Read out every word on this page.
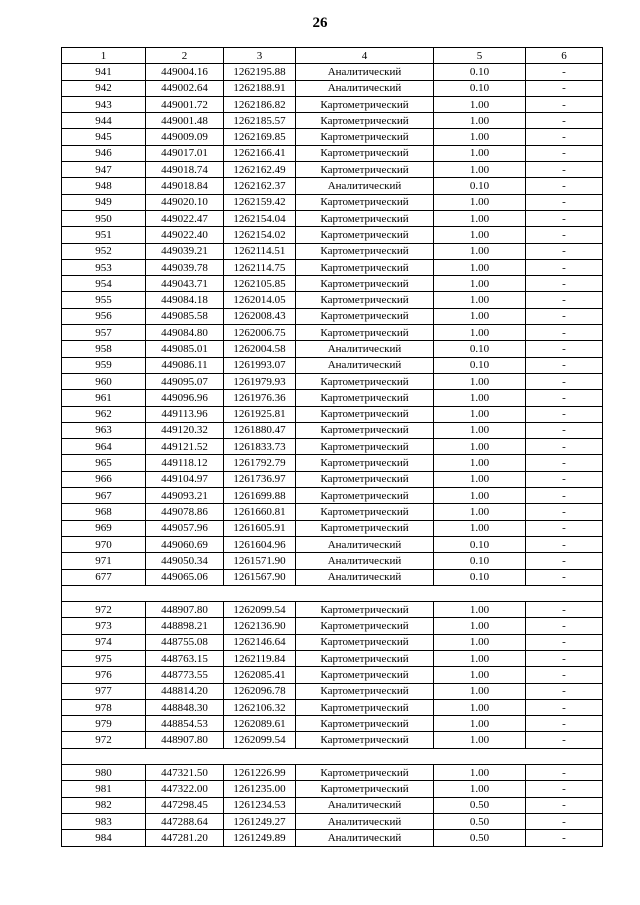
26
1	2	3	4	5	6
941	449004.16	1262195.88	Аналитический	0.10	-
942	449002.64	1262188.91	Аналитический	0.10	-
943	449001.72	1262186.82	Картометрический	1.00	-
944	449001.48	1262185.57	Картометрический	1.00	-
945	449009.09	1262169.85	Картометрический	1.00	-
946	449017.01	1262166.41	Картометрический	1.00	-
947	449018.74	1262162.49	Картометрический	1.00	-
948	449018.84	1262162.37	Аналитический	0.10	-
949	449020.10	1262159.42	Картометрический	1.00	-
950	449022.47	1262154.04	Картометрический	1.00	-
951	449022.40	1262154.02	Картометрический	1.00	-
952	449039.21	1262114.51	Картометрический	1.00	-
953	449039.78	1262114.75	Картометрический	1.00	-
954	449043.71	1262105.85	Картометрический	1.00	-
955	449084.18	1262014.05	Картометрический	1.00	-
956	449085.58	1262008.43	Картометрический	1.00	-
957	449084.80	1262006.75	Картометрический	1.00	-
958	449085.01	1262004.58	Аналитический	0.10	-
959	449086.11	1261993.07	Аналитический	0.10	-
960	449095.07	1261979.93	Картометрический	1.00	-
961	449096.96	1261976.36	Картометрический	1.00	-
962	449113.96	1261925.81	Картометрический	1.00	-
963	449120.32	1261880.47	Картометрический	1.00	-
964	449121.52	1261833.73	Картометрический	1.00	-
965	449118.12	1261792.79	Картометрический	1.00	-
966	449104.97	1261736.97	Картометрический	1.00	-
967	449093.21	1261699.88	Картометрический	1.00	-
968	449078.86	1261660.81	Картометрический	1.00	-
969	449057.96	1261605.91	Картометрический	1.00	-
970	449060.69	1261604.96	Аналитический	0.10	-
971	449050.34	1261571.90	Аналитический	0.10	-
677	449065.06	1261567.90	Аналитический	0.10	-

972	448907.80	1262099.54	Картометрический	1.00	-
973	448898.21	1262136.90	Картометрический	1.00	-
974	448755.08	1262146.64	Картометрический	1.00	-
975	448763.15	1262119.84	Картометрический	1.00	-
976	448773.55	1262085.41	Картометрический	1.00	-
977	448814.20	1262096.78	Картометрический	1.00	-
978	448848.30	1262106.32	Картометрический	1.00	-
979	448854.53	1262089.61	Картометрический	1.00	-
972	448907.80	1262099.54	Картометрический	1.00	-

980	447321.50	1261226.99	Картометрический	1.00	-
981	447322.00	1261235.00	Картометрический	1.00	-
982	447298.45	1261234.53	Аналитический	0.50	-
983	447288.64	1261249.27	Аналитический	0.50	-
984	447281.20	1261249.89	Аналитический	0.50	-
